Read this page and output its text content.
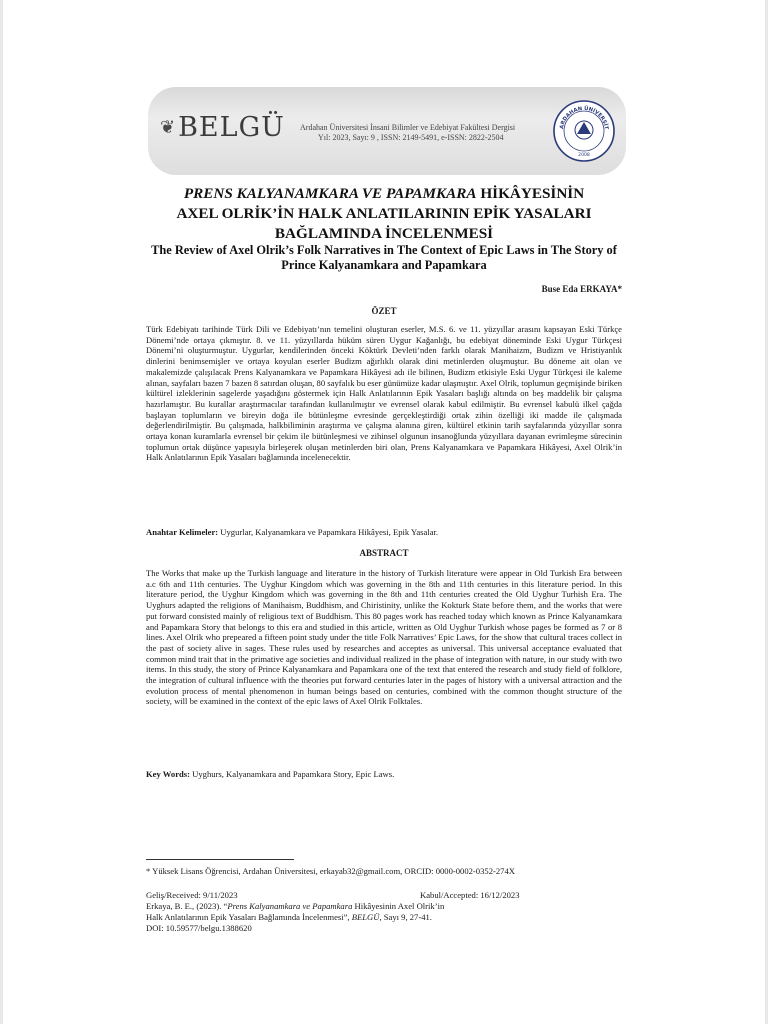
❦BELGÜ Ardahan Üniversitesi İnsani Bilimler ve Edebiyat Fakültesi Dergisi
Yıl: 2023, Sayı: 9 , ISSN: 2149-5491, e-ISSN: 2822-2504
ARDAHAN ÜNİVERSİT
2008
PRENS KALYANAMKARA VE PAPAMKARA HİKÂYESİNİN
AXEL OLRİK’İN HALK ANLATILARININ EPİK YASALARI
BAĞLAMINDA İNCELENMESİ
The Review of Axel Olrik’s Folk Narratives in The Context of Epic Laws in The Story of Prince Kalyanamkara and Papamkara
Buse Eda ERKAYA*
ÖZET
Türk Edebiyatı tarihinde Türk Dili ve Edebiyatı’nın temelini oluşturan eserler, M.S. 6. ve 11. yüzyıllar arasını kapsayan Eski Türkçe Dönemi’nde ortaya çıkmıştır. 8. ve 11. yüzyıllarda hüküm süren Uygur Kağanlığı, bu edebiyat döneminde Eski Uygur Türkçesi Dönemi’ni oluşturmuştur. Uygurlar, kendilerinden önceki Köktürk Devleti’nden farklı olarak Manihaizm, Budizm ve Hristiyanlık dinlerini benimsemişler ve ortaya koyulan eserler Budizm ağırlıklı olarak dini metinlerden oluşmuştur. Bu döneme ait olan ve makalemizde çalışılacak Prens Kalyanamkara ve Papamkara Hikâyesi adı ile bilinen, Budizm etkisiyle Eski Uygur Türkçesi ile kaleme alınan, sayfaları bazen 7 bazen 8 satırdan oluşan, 80 sayfalık bu eser günümüze kadar ulaşmıştır. Axel Olrik, toplumun geçmişinde biriken kültürel izleklerinin sagelerde yaşadığını göstermek için Halk Anlatılarının Epik Yasaları başlığı altında on beş maddelik bir çalışma hazırlamıştır. Bu kurallar araştırmacılar tarafından kullanılmıştır ve evrensel olarak kabul edilmiştir. Bu evrensel kabulü ilkel çağda başlayan toplumların ve bireyin doğa ile bütünleşme evresinde gerçekleştirdiği ortak zihin özelliği iki madde ile çalışmada değerlendirilmiştir. Bu çalışmada, halkbiliminin araştırma ve çalışma alanına giren, kültürel etkinin tarih sayfalarında yüzyıllar sonra ortaya konan kuramlarla evrensel bir çekim ile bütünleşmesi ve zihinsel olgunun insanoğlunda yüzyıllara dayanan evrimleşme sürecinin toplumun ortak düşünce yapısıyla birleşerek oluşan metinlerden biri olan, Prens Kalyanamkara ve Papamkara Hikâyesi, Axel Olrik’in Halk Anlatılarının Epik Yasaları bağlamında incelenecektir.
Anahtar Kelimeler: Uygurlar, Kalyanamkara ve Papamkara Hikâyesi, Epik Yasalar.
ABSTRACT
The Works that make up the Turkish language and literature in the history of Turkish literature were appear in Old Turkish Era between a.c 6th and 11th centuries. The Uyghur Kingdom which was governing in the 8th and 11th centuries in this literature period. In this literature period, the Uyghur Kingdom which was governing in the 8th and 11th centuries created the Old Uyghur Turhish Era. The Uyghurs adapted the religions of Manihaism, Buddhism, and Chiristinity, unlike the Kokturk State before them, and the works that were put forward consisted mainly of religious text of Buddhism. This 80 pages work has reached today which known as Prince Kalyanamkara and Papamkara Story that belongs to this era and studied in this article, written as Old Uyghur Turkish whose pages be formed as 7 or 8 lines. Axel Olrik who prepeared a fifteen point study under the title Folk Narratives’ Epic Laws, for the show that cultural traces collect in the past of society alive in sages. These rules used by researches and acceptes as universal. This universal acceptance evaluated that common mind trait that in the primative age societies and individual realized in the phase of integration with nature, in our study with two items. In this study, the story of Prince Kalyanamkara and Papamkara one of the text that entered the research and study field of folklore, the integration of cultural influence with the theories put forward centuries later in the pages of history with a universal attraction and the evolution process of mental phenomenon in human beings based on centuries, combined with the common thought structure of the society, will be examined in the context of the epic laws of Axel Olrik Folktales.
Key Words: Uyghurs, Kalyanamkara and Papamkara Story, Epic Laws.
* Yüksek Lisans Öğrencisi, Ardahan Üniversitesi, erkayab32@gmail.com, ORCID: 0000-0002-0352-274X
Geliş/Received: 9/11/2023	Kabul/Accepted: 16/12/2023
Erkaya, B. E., (2023). “Prens Kalyanamkara ve Papamkara Hikâyesinin Axel Olrik’in Halk Anlatılarının Epik Yasaları Bağlamında İncelenmesi”, BELGÜ, Sayı 9, 27-41.
DOI: 10.59577/belgu.1388620
